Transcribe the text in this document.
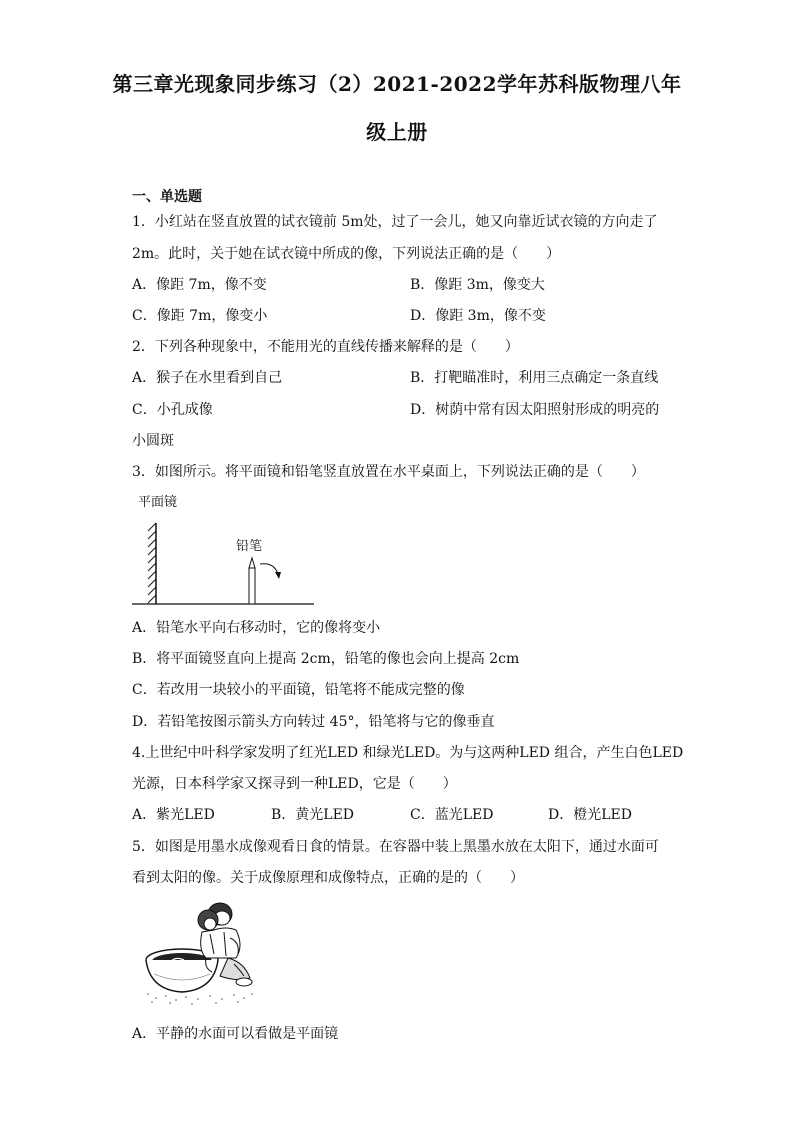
第三章光现象同步练习（2）2021-2022学年苏科版物理八年
级上册
一、单选题
1．小红站在竖直放置的试衣镜前 5m处，过了一会儿，她又向靠近试衣镜的方向走了
2m。此时，关于她在试衣镜中所成的像，下列说法正确的是（　　）
A．像距 7m，像不变	B．像距 3m，像变大
C．像距 7m，像变小	D．像距 3m，像不变
2．下列各种现象中，不能用光的直线传播来解释的是（　　）
A．猴子在水里看到自己	B．打靶瞄准时，利用三点确定一条直线
C．小孔成像	D．树荫中常有因太阳照射形成的明亮的
小圆斑
3．如图所示。将平面镜和铅笔竖直放置在水平桌面上，下列说法正确的是（　　）
平面镜
铅笔
A．铅笔水平向右移动时，它的像将变小
B．将平面镜竖直向上提高 2cm，铅笔的像也会向上提高 2cm
C．若改用一块较小的平面镜，铅笔将不能成完整的像
D．若铅笔按图示箭头方向转过 45°，铅笔将与它的像垂直
4.上世纪中叶科学家发明了红光LED 和绿光LED。为与这两种LED 组合，产生白色LED
光源，日本科学家又探寻到一种LED，它是（　　）
A．紫光LED	B．黄光LED	C．蓝光LED	D．橙光LED
5．如图是用墨水成像观看日食的情景。在容器中装上黑墨水放在太阳下，通过水面可
看到太阳的像。关于成像原理和成像特点，正确的是的（　　）
A．平静的水面可以看做是平面镜
